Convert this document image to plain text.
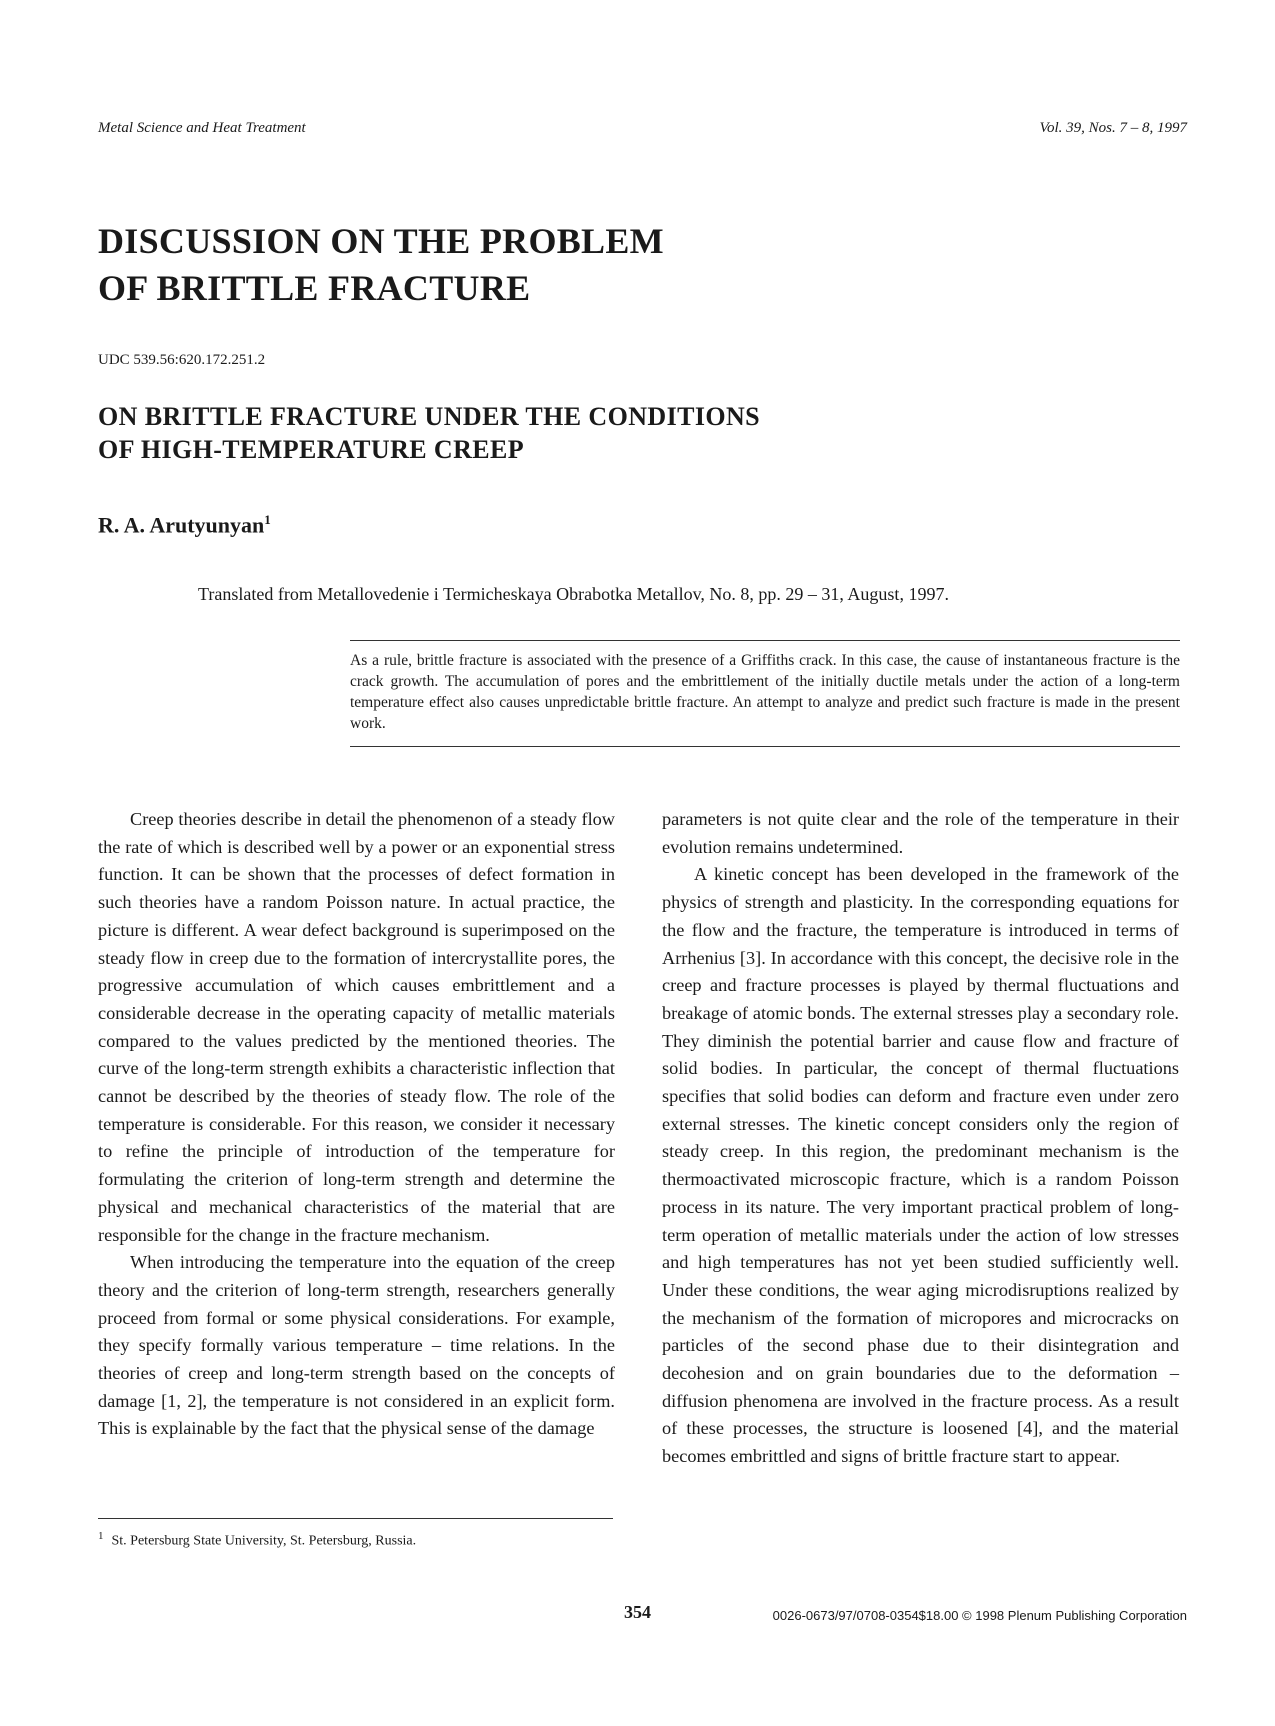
Metal Science and Heat Treatment	Vol. 39, Nos. 7 – 8, 1997
DISCUSSION ON THE PROBLEM
OF BRITTLE FRACTURE
UDC 539.56:620.172.251.2
ON BRITTLE FRACTURE UNDER THE CONDITIONS
OF HIGH-TEMPERATURE CREEP
R. A. Arutyunyan$^1$
Translated from Metallovedenie i Termicheskaya Obrabotka Metallov, No. 8, pp. 29 – 31, August, 1997.

As a rule, brittle fracture is associated with the presence of a Griffiths crack. In this case, the cause of instantaneous fracture is the crack growth. The accumulation of pores and the embrittlement of the initially ductile metals under the action of a long-term temperature effect also causes unpredictable brittle fracture. An attempt to analyze and predict such fracture is made in the present work.

Creep theories describe in detail the phenomenon of a steady flow the rate of which is described well by a power or an exponential stress function. It can be shown that the processes of defect formation in such theories have a random Poisson nature. In actual practice, the picture is different. A wear defect background is superimposed on the steady flow in creep due to the formation of intercrystallite pores, the progressive accumulation of which causes embrittlement and a considerable decrease in the operating capacity of metallic materials compared to the values predicted by the mentioned theories. The curve of the long-term strength exhibits a characteristic inflection that cannot be described by the theories of steady flow. The role of the temperature is considerable. For this reason, we consider it necessary to refine the principle of introduction of the temperature for formulating the criterion of long-term strength and determine the physical and mechanical characteristics of the material that are responsible for the change in the fracture mechanism.

When introducing the temperature into the equation of the creep theory and the criterion of long-term strength, researchers generally proceed from formal or some physical considerations. For example, they specify formally various temperature – time relations. In the theories of creep and long-term strength based on the concepts of damage [1, 2], the temperature is not considered in an explicit form. This is explainable by the fact that the physical sense of the damage

parameters is not quite clear and the role of the temperature in their evolution remains undetermined.

A kinetic concept has been developed in the framework of the physics of strength and plasticity. In the corresponding equations for the flow and the fracture, the temperature is introduced in terms of Arrhenius [3]. In accordance with this concept, the decisive role in the creep and fracture processes is played by thermal fluctuations and breakage of atomic bonds. The external stresses play a secondary role. They diminish the potential barrier and cause flow and fracture of solid bodies. In particular, the concept of thermal fluctuations specifies that solid bodies can deform and fracture even under zero external stresses. The kinetic concept considers only the region of steady creep. In this region, the predominant mechanism is the thermoactivated microscopic fracture, which is a random Poisson process in its nature. The very important practical problem of long-term operation of metallic materials under the action of low stresses and high temperatures has not yet been studied sufficiently well. Under these conditions, the wear aging microdisruptions realized by the mechanism of the formation of micropores and microcracks on particles of the second phase due to their disintegration and decohesion and on grain boundaries due to the deformation – diffusion phenomena are involved in the fracture process. As a result of these processes, the structure is loosened [4], and the material becomes embrittled and signs of brittle fracture start to appear.

$^1$ St. Petersburg State University, St. Petersburg, Russia.
354	0026-0673/97/0708-0354$18.00 © 1998 Plenum Publishing Corporation
